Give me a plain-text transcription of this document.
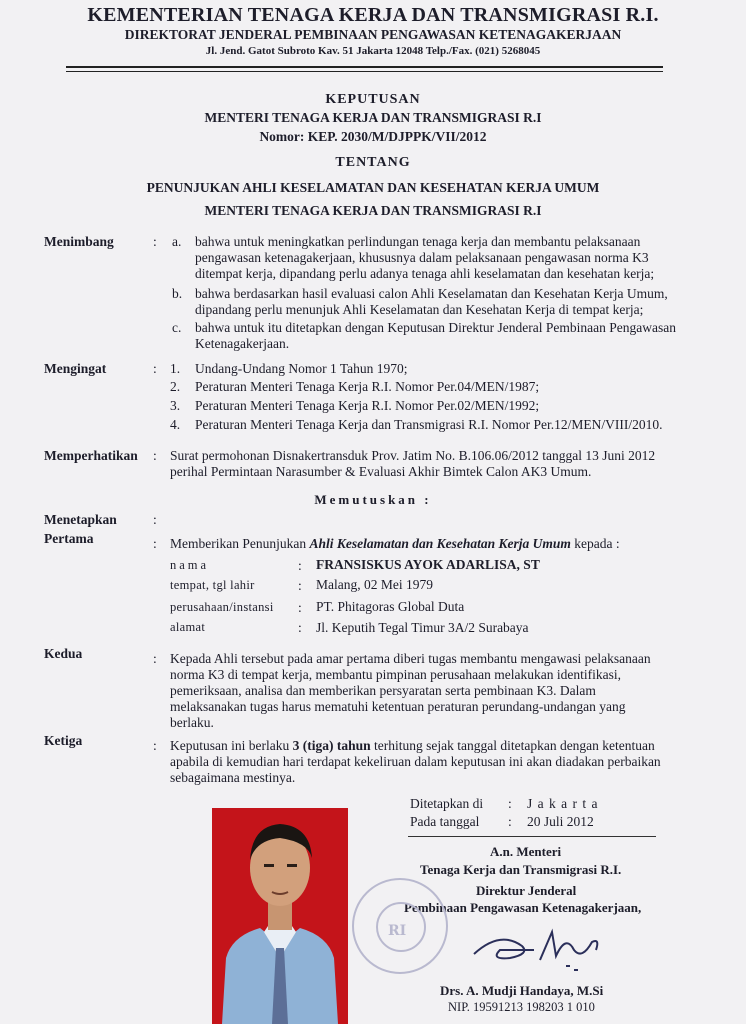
KEMENTERIAN TENAGA KERJA DAN TRANSMIGRASI R.I.
DIREKTORAT JENDERAL PEMBINAAN PENGAWASAN KETENAGAKERJAAN
Jl. Jend. Gatot Subroto Kav. 51 Jakarta 12048 Telp./Fax. (021) 5268045
KEPUTUSAN
MENTERI TENAGA KERJA DAN TRANSMIGRASI R.I
Nomor: KEP. 2030/M/DJPPK/VII/2012
TENTANG
PENUNJUKAN AHLI KESELAMATAN DAN KESEHATAN KERJA UMUM
MENTERI TENAGA KERJA DAN TRANSMIGRASI R.I
Menimbang	: a. bahwa untuk meningkatkan perlindungan tenaga kerja dan membantu pelaksanaan
pengawasan ketenagakerjaan, khususnya dalam pelaksanaan pengawasan norma K3
ditempat kerja, dipandang perlu adanya tenaga ahli keselamatan dan kesehatan kerja;
b. bahwa berdasarkan hasil evaluasi calon Ahli Keselamatan dan Kesehatan Kerja Umum,
dipandang perlu menunjuk Ahli Keselamatan dan Kesehatan Kerja di tempat kerja;
c. bahwa untuk itu ditetapkan dengan Keputusan Direktur Jenderal Pembinaan Pengawasan
Ketenagakerjaan.
Mengingat	: 1. Undang-Undang Nomor 1 Tahun 1970;
2. Peraturan Menteri Tenaga Kerja R.I. Nomor Per.04/MEN/1987;
3. Peraturan Menteri Tenaga Kerja R.I. Nomor Per.02/MEN/1992;
4. Peraturan Menteri Tenaga Kerja dan Transmigrasi R.I. Nomor Per.12/MEN/VIII/2010.
Memperhatikan : Surat permohonan Disnakertransduk Prov. Jatim No. B.106.06/2012 tanggal 13 Juni 2012
perihal Permintaan Narasumber & Evaluasi Akhir Bimtek Calon AK3 Umum.
Memutuskan :
Menetapkan	:
Pertama	: Memberikan Penunjukan Ahli Keselamatan dan Kesehatan Kerja Umum kepada :
nama	: FRANSISKUS AYOK ADARLISA, ST
tempat, tgl lahir	: Malang, 02 Mei 1979
perusahaan/instansi : PT. Phitagoras Global Duta
alamat	: Jl. Keputih Tegal Timur 3A/2 Surabaya
Kedua	: Kepada Ahli tersebut pada amar pertama diberi tugas membantu mengawasi pelaksanaan
norma K3 di tempat kerja, membantu pimpinan perusahaan melakukan identifikasi,
pemeriksaan, analisa dan memberikan persyaratan serta pembinaan K3. Dalam
melaksanakan tugas harus mematuhi ketentuan peraturan perundang-undangan yang
berlaku.
Ketiga	: Keputusan ini berlaku 3 (tiga) tahun terhitung sejak tanggal ditetapkan dengan ketentuan
apabila di kemudian hari terdapat kekeliruan dalam keputusan ini akan diadakan perbaikan
sebagaimana mestinya.
Ditetapkan di : J a k a r t a
Pada tanggal : 20 Juli 2012
A.n. Menteri
Tenaga Kerja dan Transmigrasi R.I.
Direktur Jenderal
Pembinaan Pengawasan Ketenagakerjaan,
RI
Drs. A. Mudji Handaya, M.Si
NIP. 19591213 198203 1 010
